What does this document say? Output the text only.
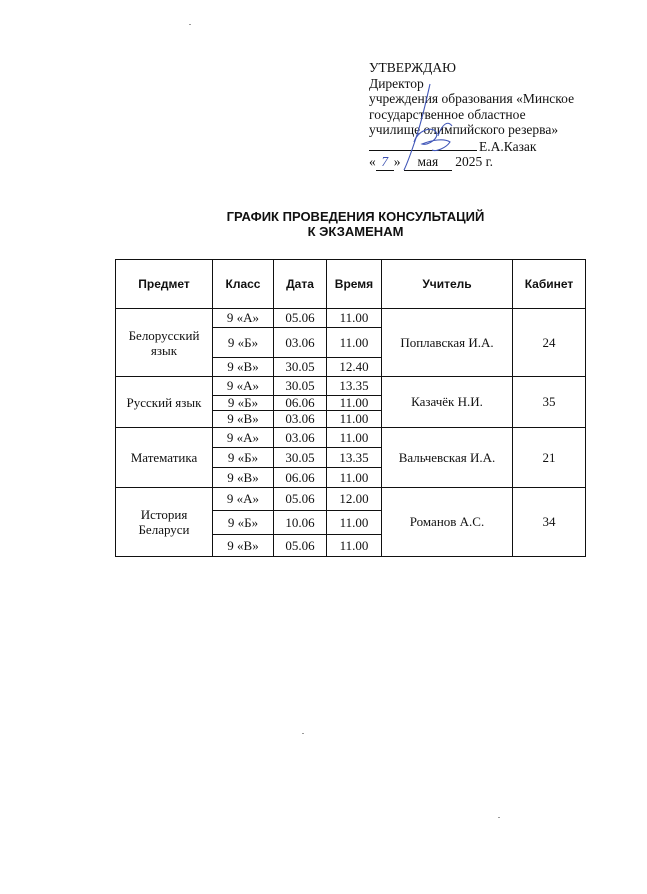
УТВЕРЖДАЮ
Директор
учреждения образования «Минское
государственное областное
училище олимпийского резерва»
Е.А.Казак
« 7 » мая 2025 г.
ГРАФИК ПРОВЕДЕНИЯ КОНСУЛЬТАЦИЙ
К ЭКЗАМЕНАМ
Предмет	Класс	Дата	Время	Учитель	Кабинет
Белорусский язык	9 «А»	05.06	11.00	Поплавская И.А.	24
	9 «Б»	03.06	11.00		
	9 «В»	30.05	12.40		
Русский язык	9 «А»	30.05	13.35	Казачёк Н.И.	35
	9 «Б»	06.06	11.00		
	9 «В»	03.06	11.00		
Математика	9 «А»	03.06	11.00	Вальчевская И.А.	21
	9 «Б»	30.05	13.35		
	9 «В»	06.06	11.00		
История Беларуси	9 «А»	05.06	12.00	Романов А.С.	34
	9 «Б»	10.06	11.00		
	9 «В»	05.06	11.00		
